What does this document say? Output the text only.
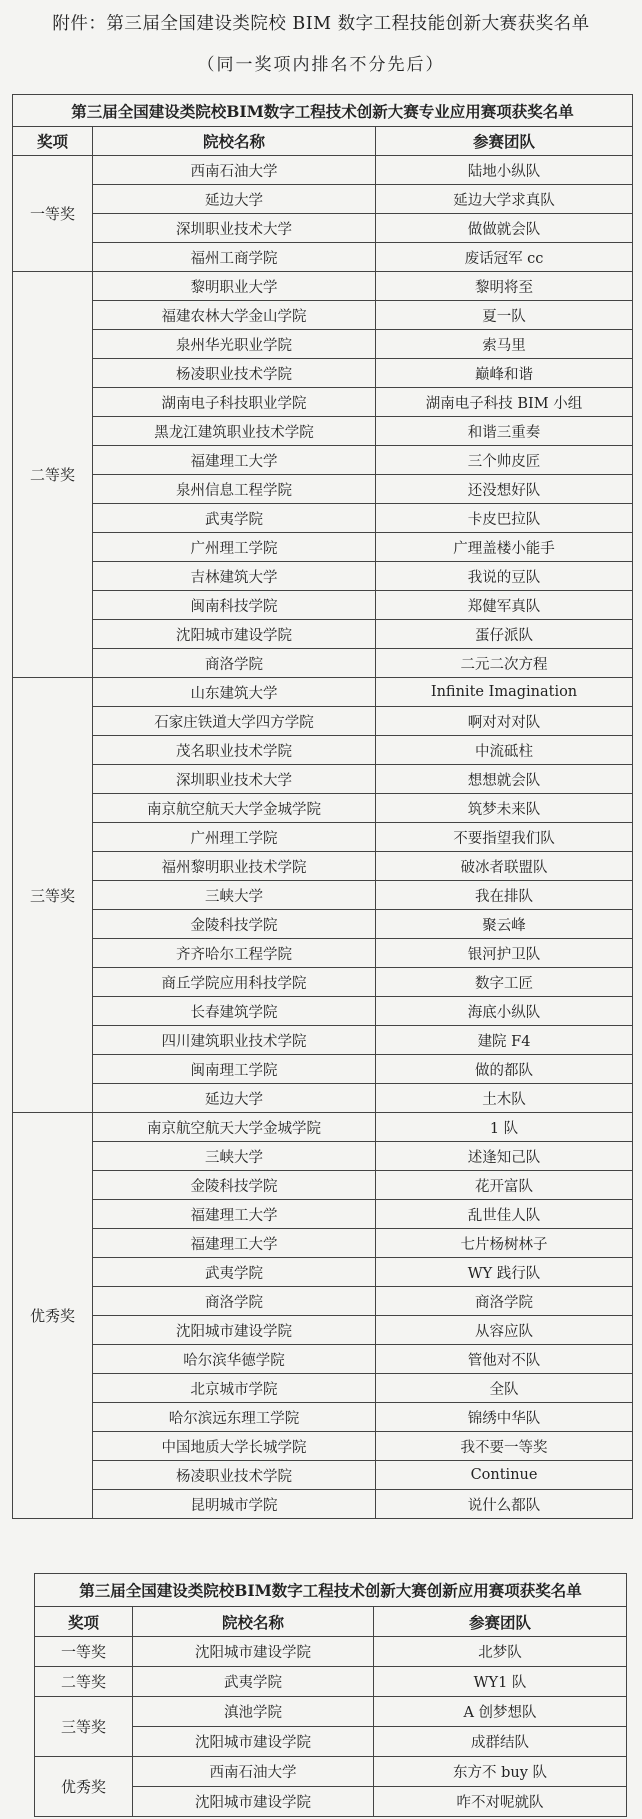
附件：第三届全国建设类院校 BIM 数字工程技能创新大赛获奖名单
（同一奖项内排名不分先后）
第三届全国建设类院校BIM数字工程技术创新大赛专业应用赛项获奖名单		
奖项	院校名称	参赛团队
一等奖	西南石油大学	陆地小纵队
	延边大学	延边大学求真队
	深圳职业技术大学	做做就会队
	福州工商学院	废话冠军 cc
二等奖	黎明职业大学	黎明将至
	福建农林大学金山学院	夏一队
	泉州华光职业学院	索马里
	杨凌职业技术学院	巅峰和谐
	湖南电子科技职业学院	湖南电子科技 BIM 小组
	黑龙江建筑职业技术学院	和谐三重奏
	福建理工大学	三个帅皮匠
	泉州信息工程学院	还没想好队
	武夷学院	卡皮巴拉队
	广州理工学院	广理盖楼小能手
	吉林建筑大学	我说的豆队
	闽南科技学院	郑健军真队
	沈阳城市建设学院	蛋仔派队
	商洛学院	二元二次方程
三等奖	山东建筑大学	Infinite Imagination
	石家庄铁道大学四方学院	啊对对对队
	茂名职业技术学院	中流砥柱
	深圳职业技术大学	想想就会队
	南京航空航天大学金城学院	筑梦未来队
	广州理工学院	不要指望我们队
	福州黎明职业技术学院	破冰者联盟队
	三峡大学	我在排队
	金陵科技学院	聚云峰
	齐齐哈尔工程学院	银河护卫队
	商丘学院应用科技学院	数字工匠
	长春建筑学院	海底小纵队
	四川建筑职业技术学院	建院 F4
	闽南理工学院	做的都队
	延边大学	土木队
优秀奖	南京航空航天大学金城学院	1 队
	三峡大学	述逢知己队
	金陵科技学院	花开富队
	福建理工大学	乱世佳人队
	福建理工大学	七片杨树林子
	武夷学院	WY 践行队
	商洛学院	商洛学院
	沈阳城市建设学院	从容应队
	哈尔滨华德学院	管他对不队
	北京城市学院	全队
	哈尔滨远东理工学院	锦绣中华队
	中国地质大学长城学院	我不要一等奖
	杨凌职业技术学院	Continue
	昆明城市学院	说什么都队
第三届全国建设类院校BIM数字工程技术创新大赛创新应用赛项获奖名单		
奖项	院校名称	参赛团队
一等奖	沈阳城市建设学院	北梦队
二等奖	武夷学院	WY1 队
三等奖	滇池学院	A 创梦想队
	沈阳城市建设学院	成群结队
优秀奖	西南石油大学	东方不 buy 队
	沈阳城市建设学院	咋不对呢就队
